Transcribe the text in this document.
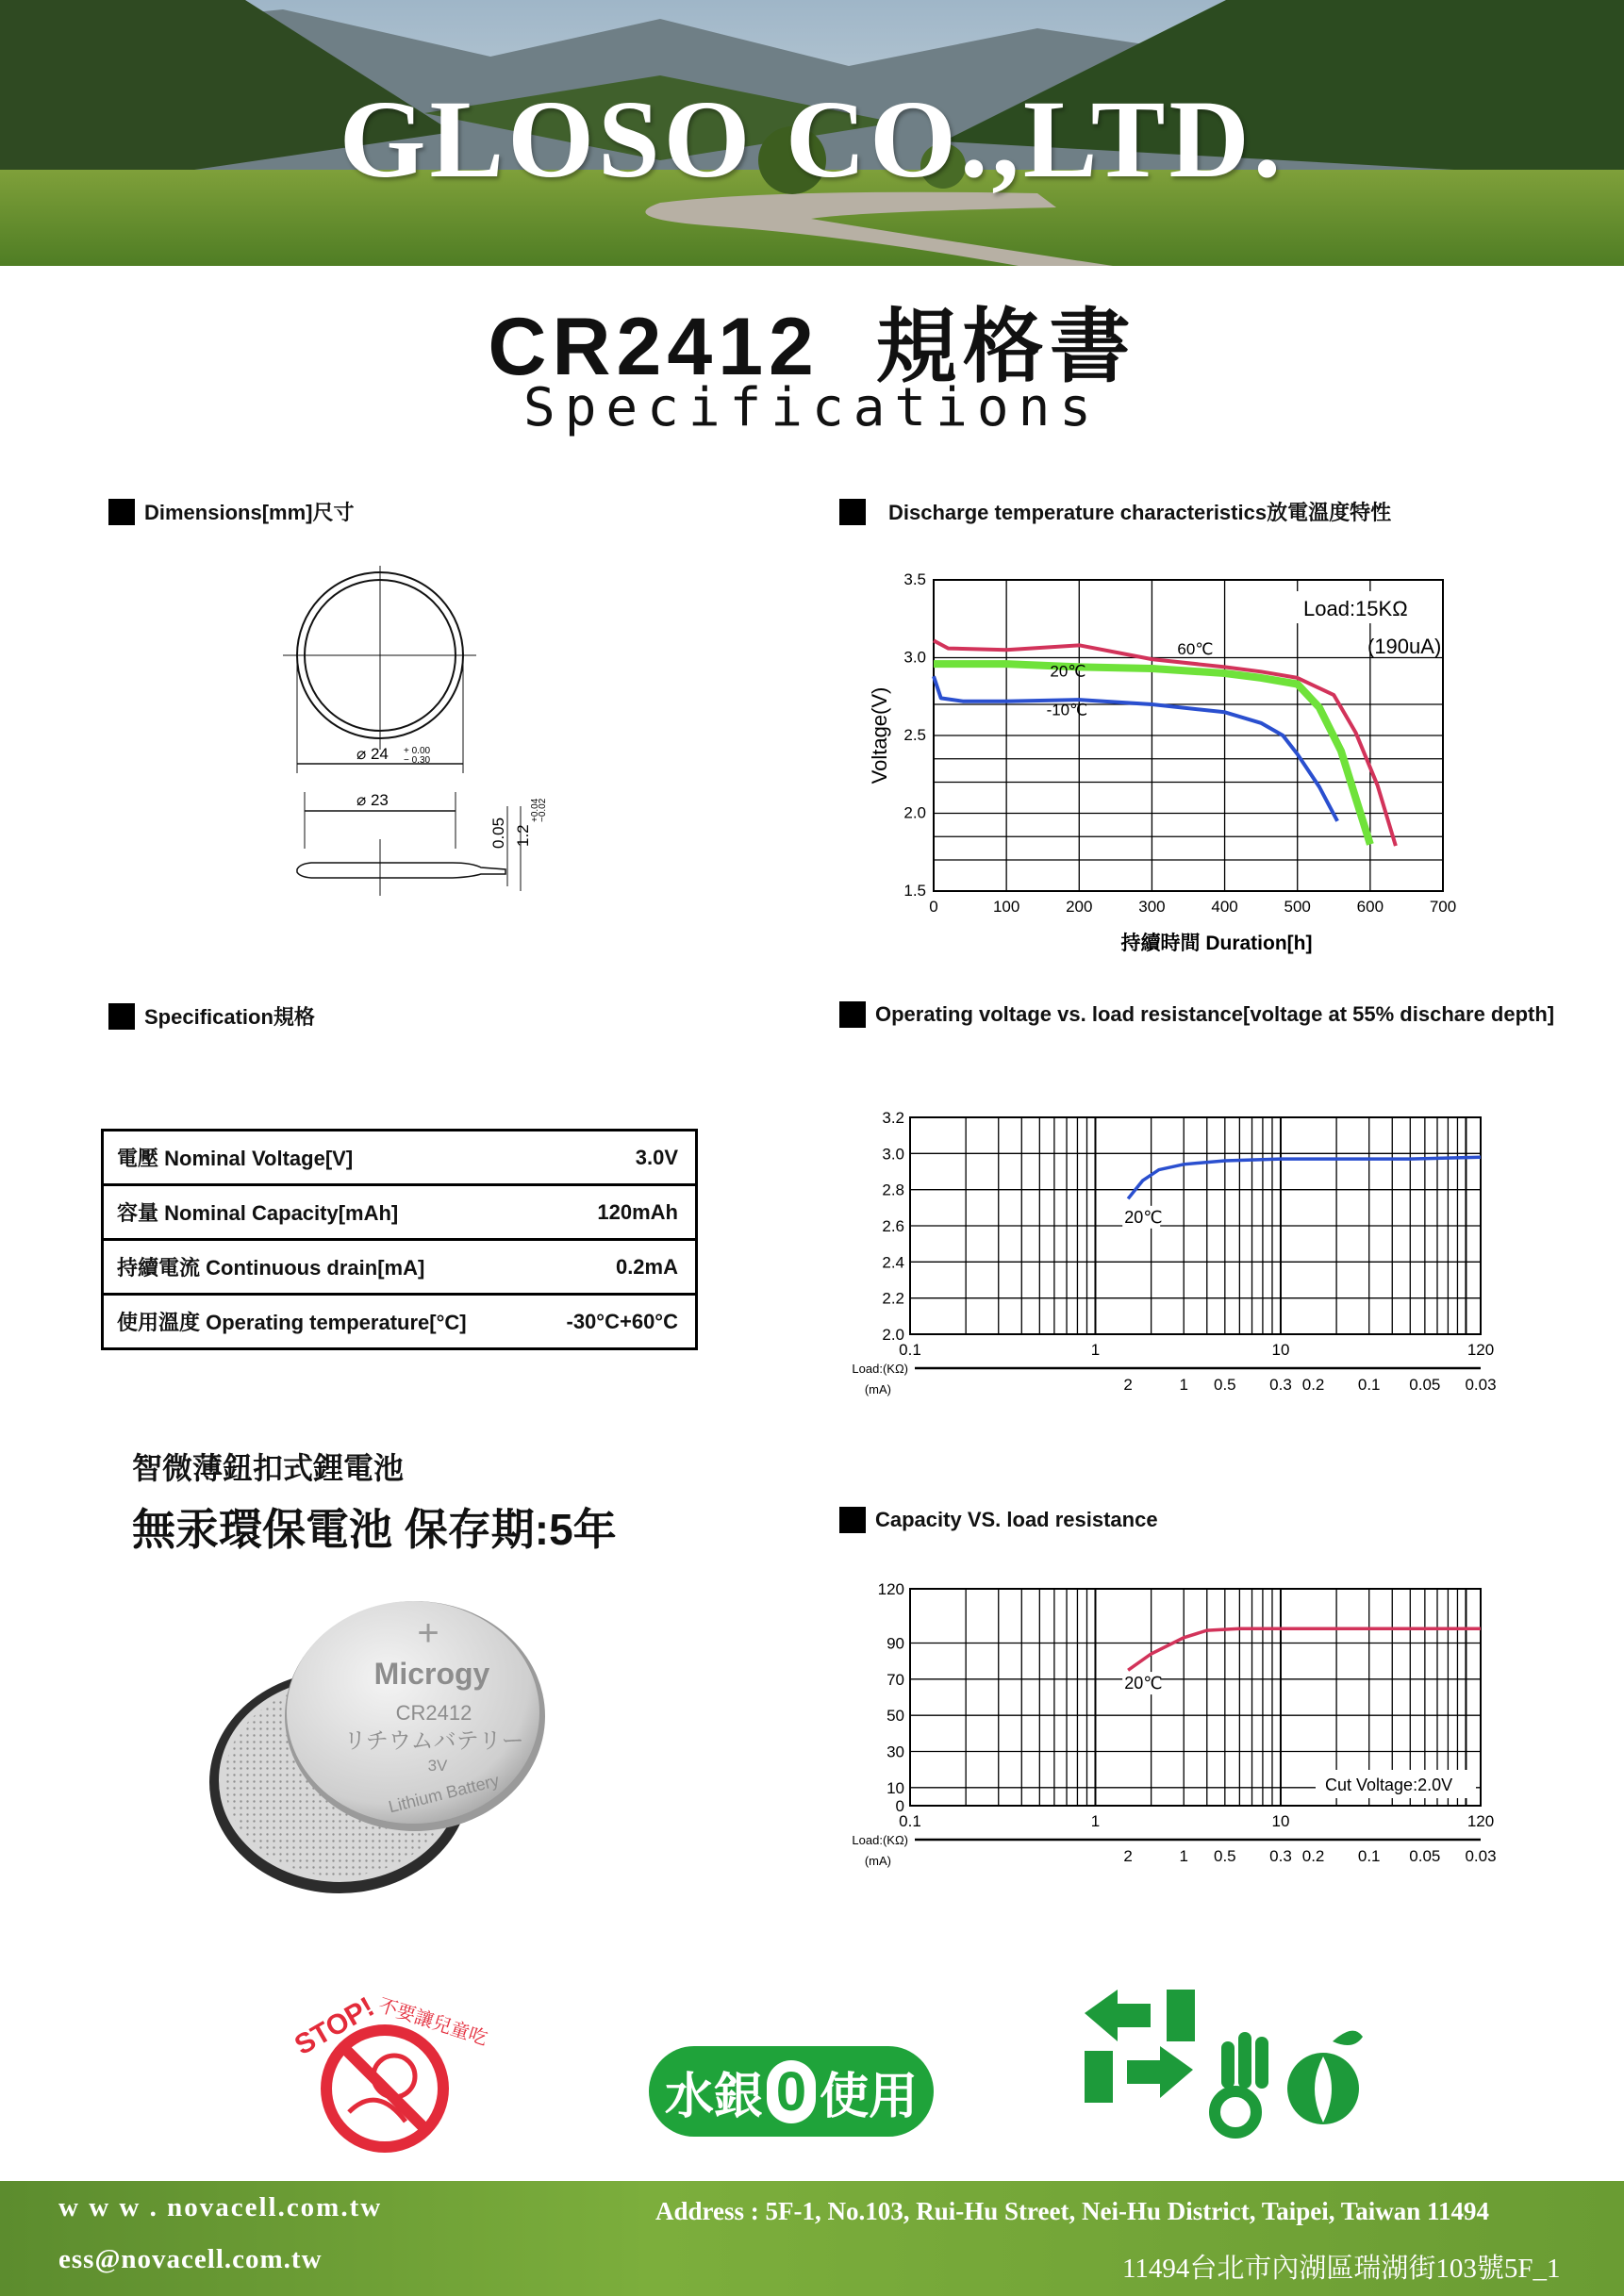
GLOSO CO.,LTD.
CR2412  規格書
Specifications
Dimensions[mm]尺寸	Discharge temperature characteristics放電溫度特性
Specification規格	Operating voltage vs. load resistance[voltage at 55% dischare depth]
Capacity VS. load resistance
⌀ 24 + 0.00
− 0.30
⌀ 23
0.05 1.2
+0.04
−0.02
電壓 Nominal Voltage[V]	3.0V
容量 Nominal Capacity[mAh]	120mAh
持續電流 Continuous drain[mA]	0.2mA
使用溫度 Operating temperature[°C]	-30°C+60°C
智微薄鈕扣式鋰電池
無汞環保電池 保存期:5年
+
Microgy
CR2412
リチウムバテリー
3V
Lithium Battery
0	100	200	300	400	500	600	700
1.5
2.0
2.5
3.0
3.5
持續時間 Duration[h]
Voltage(V)
Load:15KΩ
(190uA)
60℃
20℃
-10℃
0.1	1	10	120
2.0
2.2
2.4
2.6
2.8
3.0
3.2
Load:(KΩ)
(mA)	2	1 0.5 0.3 0.2 0.1 0.05 0.03
20℃
0.1	1	10	120
0
10
30
50
70
90
120
Load:(KΩ)
(mA)	2	1 0.5 0.3 0.2 0.1 0.05 0.03
20℃
Cut Voltage:2.0V
STOP!
不要讓兒童吃
水銀 0 使用
w w w . novacell.com.tw
ess@novacell.com.tw
Address : 5F-1, No.103, Rui-Hu Street, Nei-Hu District, Taipei, Taiwan 11494
11494台北市內湖區瑞湖街103號5F_1
